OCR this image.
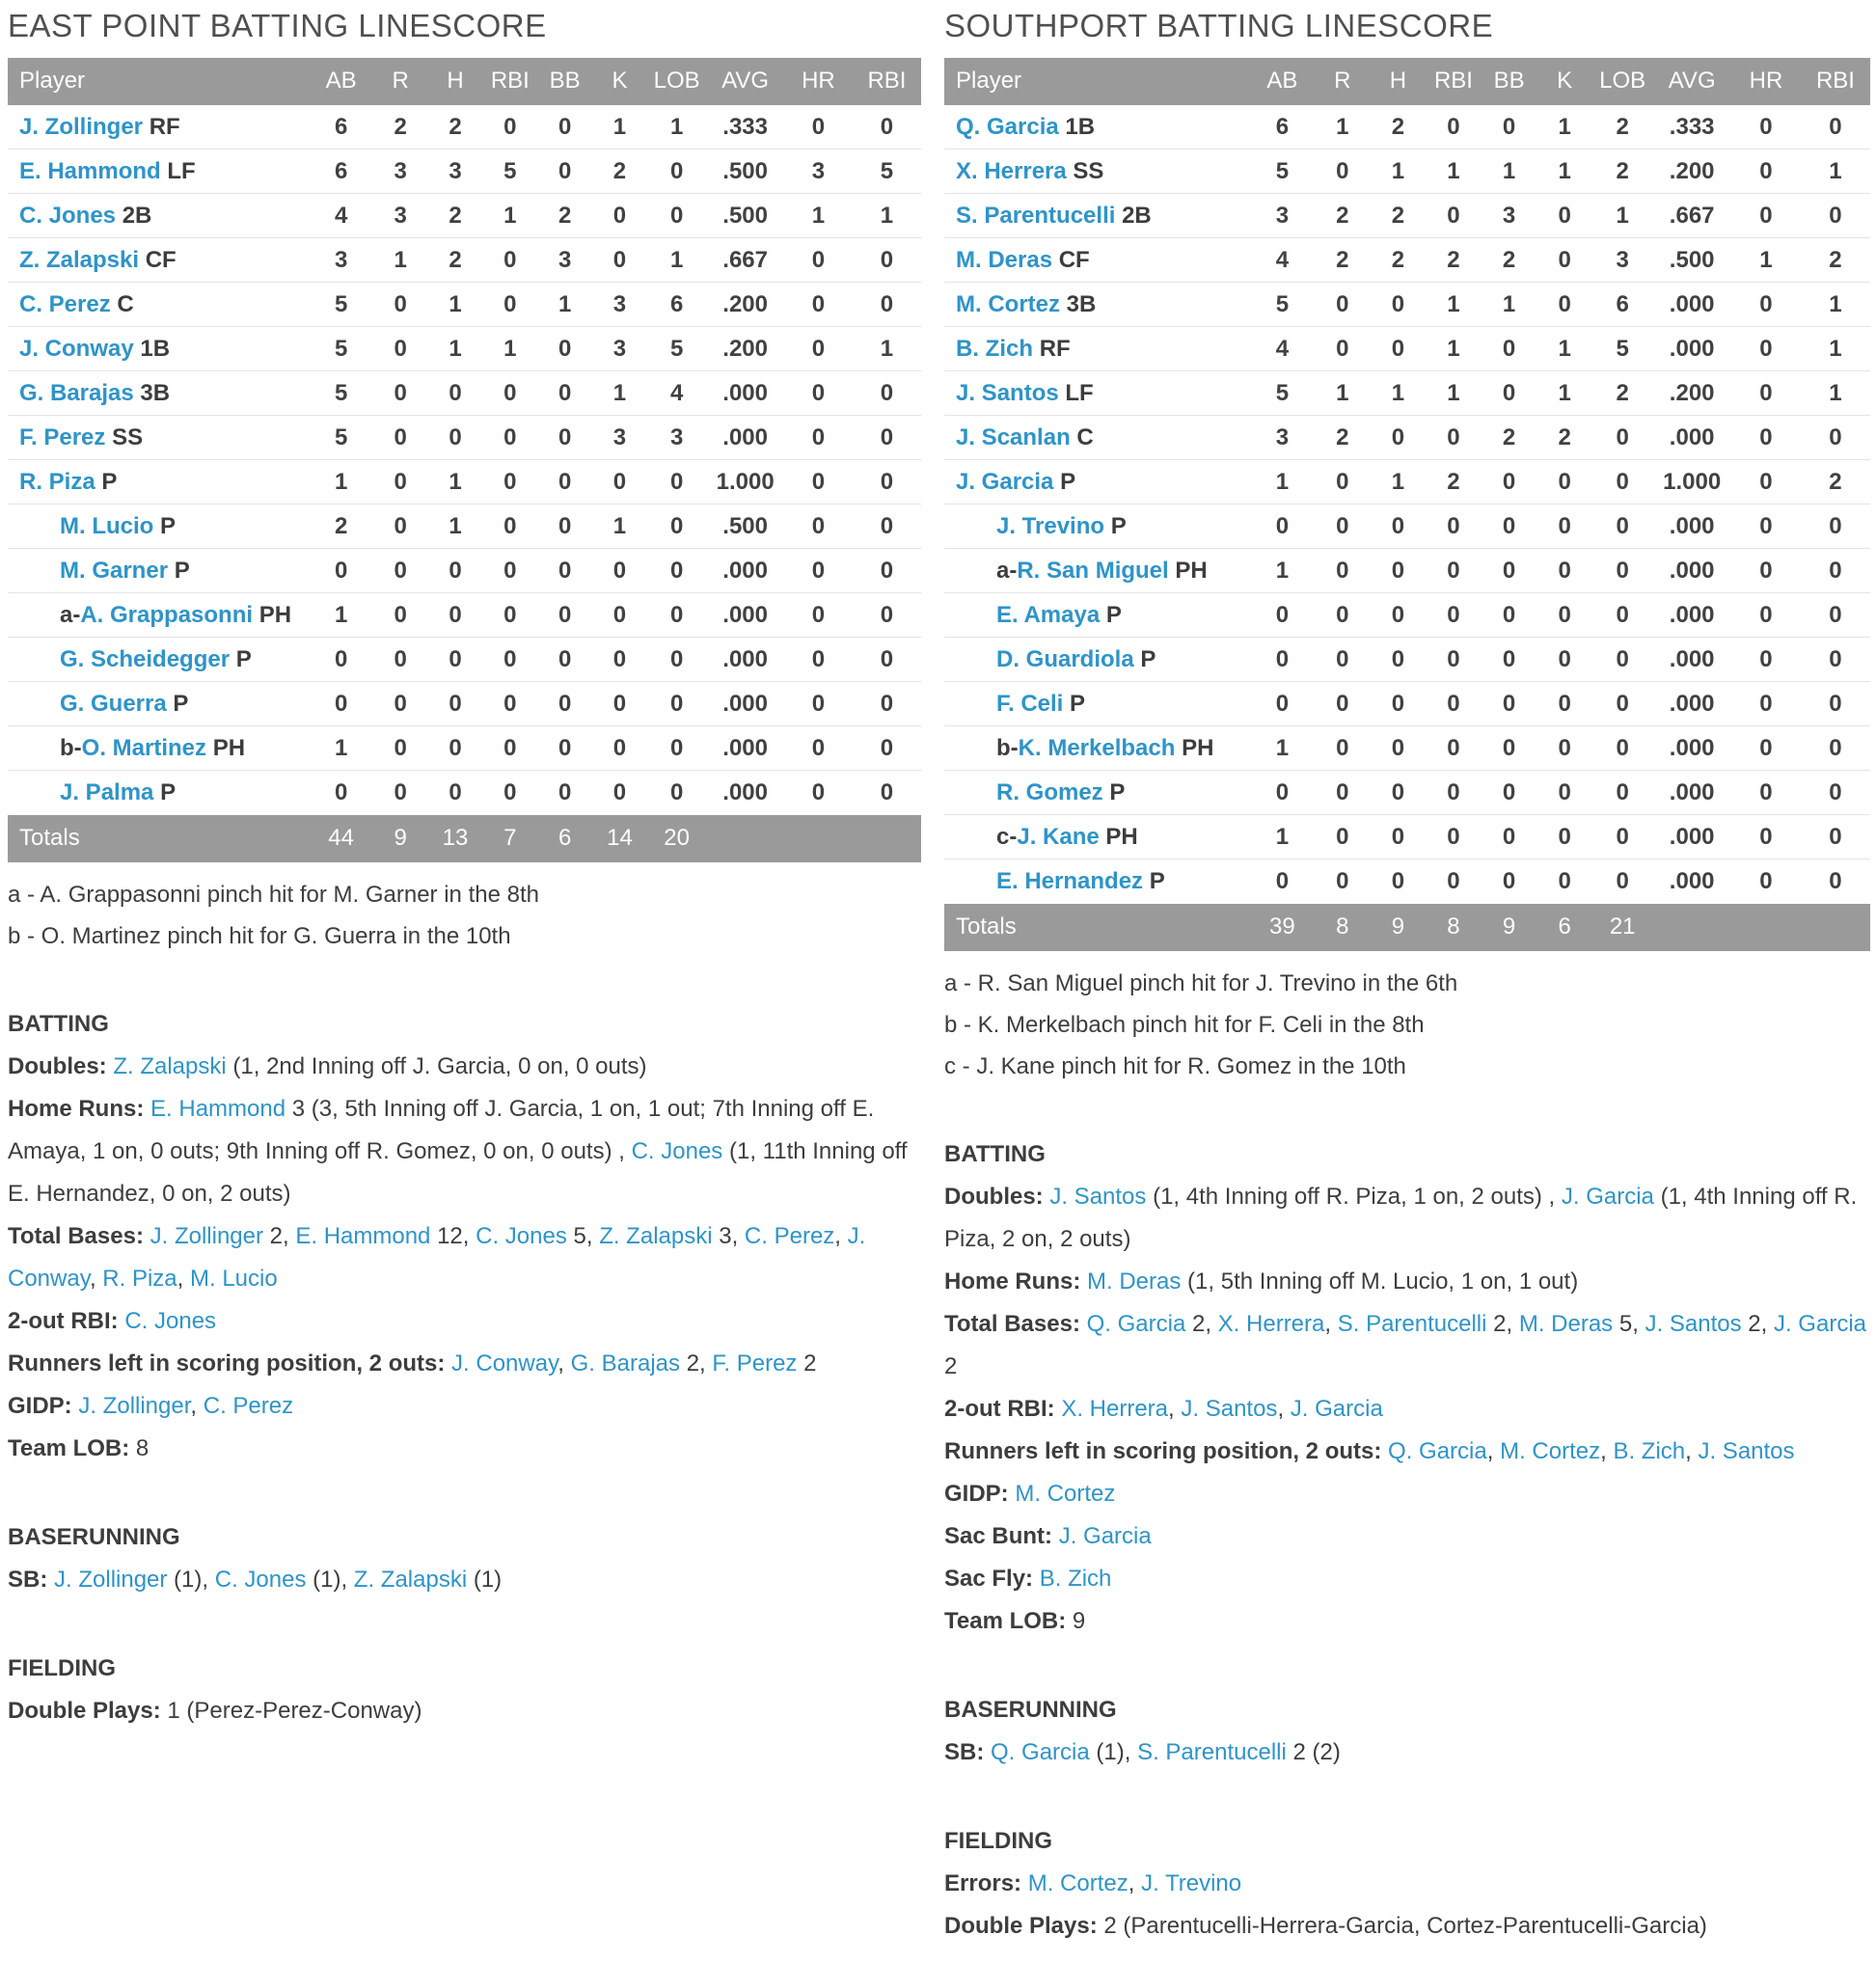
EAST POINT BATTING LINESCORE
Player	AB	R	H	RBI	BB	K	LOB	AVG	HR	RBI
J. Zollinger RF	6	2	2	0	0	1	1	.333	0	0
E. Hammond LF	6	3	3	5	0	2	0	.500	3	5
C. Jones 2B	4	3	2	1	2	0	0	.500	1	1
Z. Zalapski CF	3	1	2	0	3	0	1	.667	0	0
C. Perez C	5	0	1	0	1	3	6	.200	0	0
J. Conway 1B	5	0	1	1	0	3	5	.200	0	1
G. Barajas 3B	5	0	0	0	0	1	4	.000	0	0
F. Perez SS	5	0	0	0	0	3	3	.000	0	0
R. Piza P	1	0	1	0	0	0	0	1.000	0	0
M. Lucio P	2	0	1	0	0	1	0	.500	0	0
M. Garner P	0	0	0	0	0	0	0	.000	0	0
a-A. Grappasonni PH	1	0	0	0	0	0	0	.000	0	0
G. Scheidegger P	0	0	0	0	0	0	0	.000	0	0
G. Guerra P	0	0	0	0	0	0	0	.000	0	0
b-O. Martinez PH	1	0	0	0	0	0	0	.000	0	0
J. Palma P	0	0	0	0	0	0	0	.000	0	0
Totals	44	9	13	7	6	14	20			
a - A. Grappasonni pinch hit for M. Garner in the 8th
b - O. Martinez pinch hit for G. Guerra in the 10th
BATTING

Doubles: Z. Zalapski (1, 2nd Inning off J. Garcia, 0 on, 0 outs)

Home Runs: E. Hammond 3 (3, 5th Inning off J. Garcia, 1 on, 1 out; 7th Inning off E. Amaya, 1 on, 0 outs; 9th Inning off R. Gomez, 0 on, 0 outs) , C. Jones (1, 11th Inning off E. Hernandez, 0 on, 2 outs)

Total Bases: J. Zollinger 2, E. Hammond 12, C. Jones 5, Z. Zalapski 3, C. Perez, J. Conway, R. Piza, M. Lucio

2-out RBI: C. Jones

Runners left in scoring position, 2 outs: J. Conway, G. Barajas 2, F. Perez 2

GIDP: J. Zollinger, C. Perez

Team LOB: 8

BASERUNNING

SB: J. Zollinger (1), C. Jones (1), Z. Zalapski (1)

FIELDING

Double Plays: 1 (Perez-Perez-Conway)

SOUTHPORT BATTING LINESCORE
Player	AB	R	H	RBI	BB	K	LOB	AVG	HR	RBI
Q. Garcia 1B	6	1	2	0	0	1	2	.333	0	0
X. Herrera SS	5	0	1	1	1	1	2	.200	0	1
S. Parentucelli 2B	3	2	2	0	3	0	1	.667	0	0
M. Deras CF	4	2	2	2	2	0	3	.500	1	2
M. Cortez 3B	5	0	0	1	1	0	6	.000	0	1
B. Zich RF	4	0	0	1	0	1	5	.000	0	1
J. Santos LF	5	1	1	1	0	1	2	.200	0	1
J. Scanlan C	3	2	0	0	2	2	0	.000	0	0
J. Garcia P	1	0	1	2	0	0	0	1.000	0	2
J. Trevino P	0	0	0	0	0	0	0	.000	0	0
a-R. San Miguel PH	1	0	0	0	0	0	0	.000	0	0
E. Amaya P	0	0	0	0	0	0	0	.000	0	0
D. Guardiola P	0	0	0	0	0	0	0	.000	0	0
F. Celi P	0	0	0	0	0	0	0	.000	0	0
b-K. Merkelbach PH	1	0	0	0	0	0	0	.000	0	0
R. Gomez P	0	0	0	0	0	0	0	.000	0	0
c-J. Kane PH	1	0	0	0	0	0	0	.000	0	0
E. Hernandez P	0	0	0	0	0	0	0	.000	0	0
Totals	39	8	9	8	9	6	21			
a - R. San Miguel pinch hit for J. Trevino in the 6th
b - K. Merkelbach pinch hit for F. Celi in the 8th
c - J. Kane pinch hit for R. Gomez in the 10th
BATTING

Doubles: J. Santos (1, 4th Inning off R. Piza, 1 on, 2 outs) , J. Garcia (1, 4th Inning off R. Piza, 2 on, 2 outs)

Home Runs: M. Deras (1, 5th Inning off M. Lucio, 1 on, 1 out)

Total Bases: Q. Garcia 2, X. Herrera, S. Parentucelli 2, M. Deras 5, J. Santos 2, J. Garcia 2

2-out RBI: X. Herrera, J. Santos, J. Garcia

Runners left in scoring position, 2 outs: Q. Garcia, M. Cortez, B. Zich, J. Santos

GIDP: M. Cortez

Sac Bunt: J. Garcia

Sac Fly: B. Zich

Team LOB: 9

BASERUNNING

SB: Q. Garcia (1), S. Parentucelli 2 (2)

FIELDING

Errors: M. Cortez, J. Trevino

Double Plays: 2 (Parentucelli-Herrera-Garcia, Cortez-Parentucelli-Garcia)
